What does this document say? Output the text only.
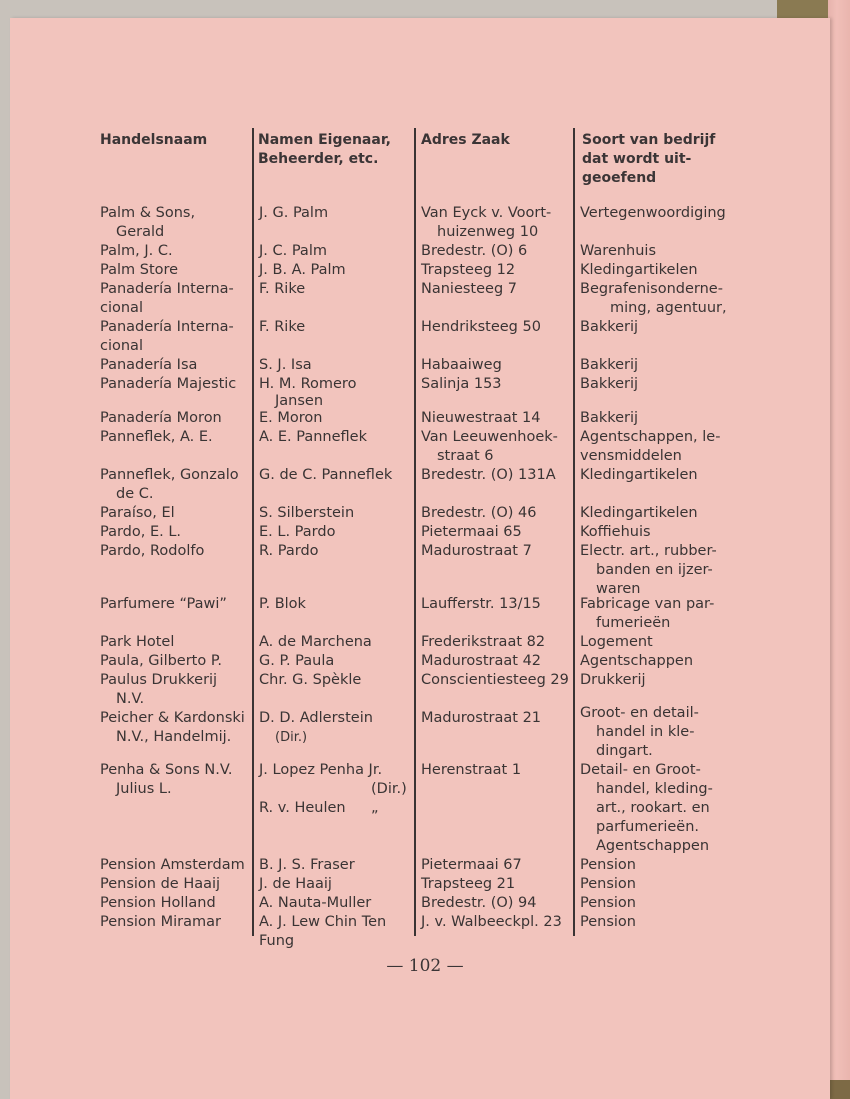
Handelsnaam	Namen Eigenaar,
Beheerder, etc.
Adres Zaak	Soort van bedrijf
dat wordt uit-
geoefend
Palm & Sons,
Gerald
Palm, J. C.
Palm Store
Panadería Interna-
cional
Panadería Interna-
cional
Panadería Isa
Panadería Majestic
Panadería Moron
Panneflek, A. E.
Panneflek, Gonzalo
de C.
Paraíso, El
Pardo, E. L.
Pardo, Rodolfo
Parfumere “Pawi”
Park Hotel
Paula, Gilberto P.
Paulus Drukkerij
N.V.
Peicher & Kardonski
N.V., Handelmij.
Penha & Sons N.V.
Julius L.
Pension Amsterdam
Pension de Haaij
Pension Holland
Pension Miramar
J. G. Palm
J. C. Palm
J. B. A. Palm
F. Rike
F. Rike
S. J. Isa
H. M. Romero
Jansen
E. Moron
A. E. Panneflek
G. de C. Panneflek
S. Silberstein
E. L. Pardo
R. Pardo
P. Blok
A. de Marchena
G. P. Paula
Chr. G. Spèkle
D. D. Adlerstein
(Dir.)
J. Lopez Penha Jr.
(Dir.)
R. v. Heulen „
B. J. S. Fraser
J. de Haaij
A. Nauta-Muller
A. J. Lew Chin Ten
Fung
Van Eyck v. Voort-
huizenweg 10
Bredestr. (O) 6
Trapsteeg 12
Naniesteeg 7
Hendriksteeg 50
Habaaiweg
Salinja 153
Nieuwestraat 14
Van Leeuwenhoek-
straat 6
Bredestr. (O) 131A
Bredestr. (O) 46
Pietermaai 65
Madurostraat 7
Laufferstr. 13/15
Frederikstraat 82
Madurostraat 42
Conscientiesteeg 29
Madurostraat 21
Herenstraat 1
Pietermaai 67
Trapsteeg 21
Bredestr. (O) 94
J. v. Walbeeckpl. 23
Vertegenwoordiging
Warenhuis
Kledingartikelen
Begrafenisonderne-
ming, agentuur,
Bakkerij
Bakkerij
Bakkerij
Bakkerij
Agentschappen, le-
vensmiddelen
Kledingartikelen
Kledingartikelen
Koffiehuis
Electr. art., rubber-
banden en ijzer-
waren
Fabricage van par-
fumerieën
Logement
Agentschappen
Drukkerij
Groot- en detail-
handel in kle-
dingart.
Detail- en Groot-
handel, kleding-
art., rookart. en
parfumerieën.
Agentschappen
Pension
Pension
Pension
Pension
— 102 —
